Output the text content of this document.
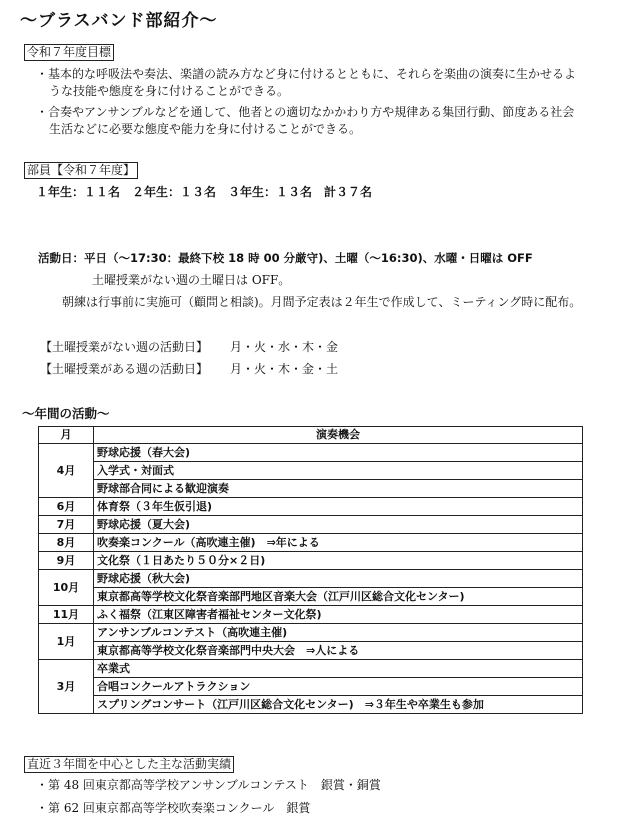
～ブラスバンド部紹介～
令和７年度目標
・基本的な呼吸法や奏法、楽譜の読み方など身に付けるとともに、それらを楽曲の演奏に生かせるよ
うな技能や態度を身に付けることができる。
・合奏やアンサンブルなどを通して、他者との適切なかかわり方や規律ある集団行動、節度ある社会
生活などに必要な態度や能力を身に付けることができる。
部員【令和７年度】
１年生：１１名　２年生：１３名　３年生：１３名　計３７名
活動日：平日（～17:30：最終下校 18 時 00 分厳守)、土曜（～16:30)、水曜・日曜は OFF
土曜授業がない週の土曜日は OFF。
朝練は行事前に実施可（顧問と相談)。月間予定表は２年生で作成して、ミーティング時に配布。
【土曜授業がない週の活動日】 月・火・水・木・金
【土曜授業がある週の活動日】 月・火・木・金・土
～年間の活動～
月	演奏機会
4月	野球応援（春大会)
	入学式・対面式
	野球部合同による歓迎演奏
6月	体育祭（３年生仮引退)
7月	野球応援（夏大会)
8月	吹奏楽コンクール（高吹連主催)　⇒年による
9月	文化祭（１日あたり５０分×２日)
10月	野球応援（秋大会)
	東京都高等学校文化祭音楽部門地区音楽大会（江戸川区総合文化センター)
11月	ふく福祭（江東区障害者福祉センター文化祭)
1月	アンサンブルコンテスト（高吹連主催)
	東京都高等学校文化祭音楽部門中央大会　⇒人による
3月	卒業式
	合唱コンクールアトラクション
	スプリングコンサート（江戸川区総合文化センター)　⇒３年生や卒業生も参加
直近３年間を中心とした主な活動実績
・第 48 回東京都高等学校アンサンブルコンテスト　銀賞・銅賞
・第 62 回東京都高等学校吹奏楽コンクール　銀賞
